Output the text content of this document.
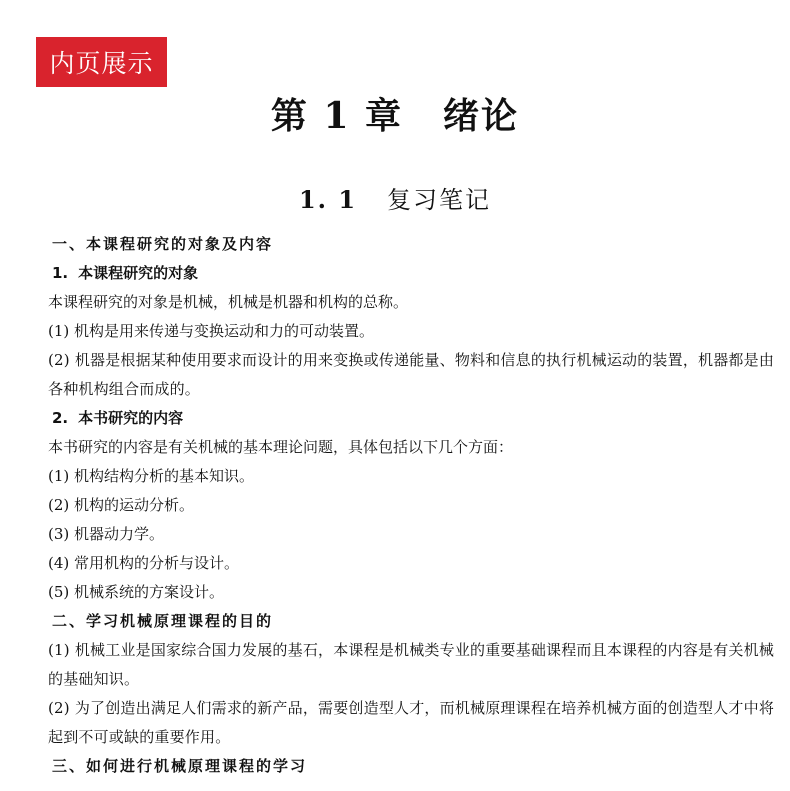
内页展示
第 1 章 绪论
1. 1 复习笔记
一、本课程研究的对象及内容
1. 本课程研究的对象
本课程研究的对象是机械，机械是机器和机构的总称。
(1) 机构是用来传递与变换运动和力的可动装置。
(2) 机器是根据某种使用要求而设计的用来变换或传递能量、物料和信息的执行机械运动的装置，机器都是由各种机构组合而成的。
2. 本书研究的内容
本书研究的内容是有关机械的基本理论问题，具体包括以下几个方面：
(1) 机构结构分析的基本知识。
(2) 机构的运动分析。
(3) 机器动力学。
(4) 常用机构的分析与设计。
(5) 机械系统的方案设计。
二、学习机械原理课程的目的
(1) 机械工业是国家综合国力发展的基石，本课程是机械类专业的重要基础课程而且本课程的内容是有关机械的基础知识。
(2) 为了创造出满足人们需求的新产品，需要创造型人才，而机械原理课程在培养机械方面的创造型人才中将起到不可或缺的重要作用。
三、如何进行机械原理课程的学习
